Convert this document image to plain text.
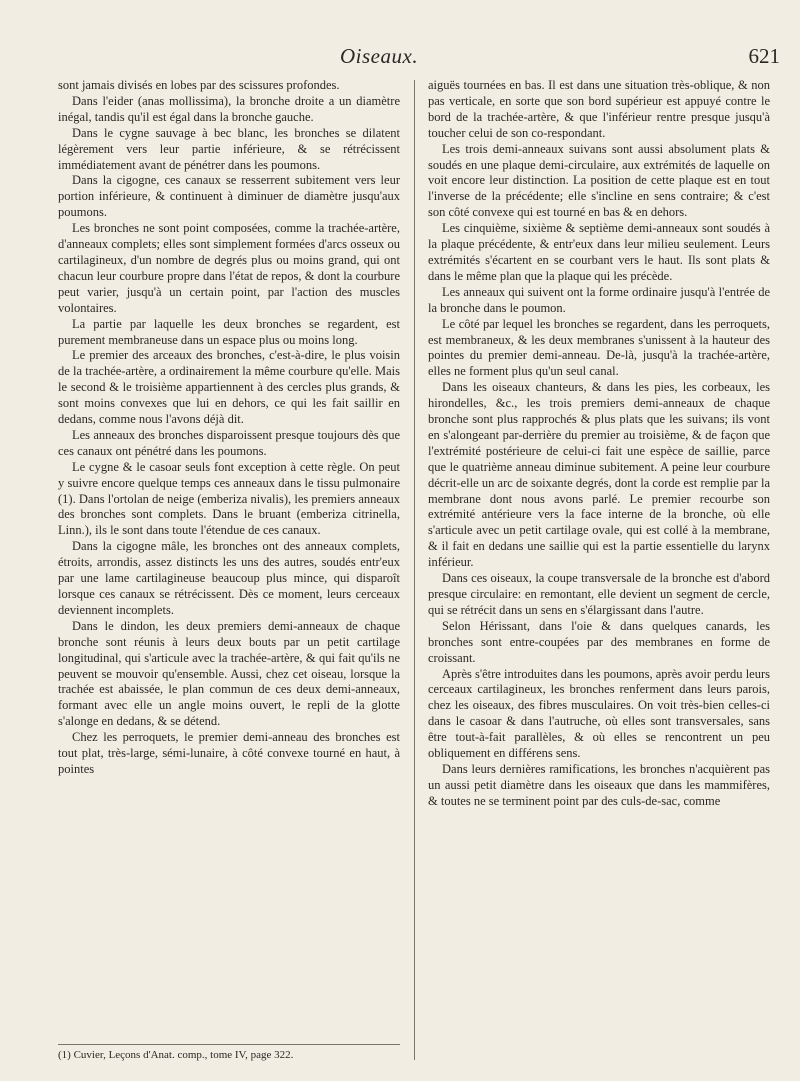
Oiseaux.	621

sont jamais divisés en lobes par des scissures profondes.

Dans l'eider (anas mollissima), la bronche droite a un diamètre inégal, tandis qu'il est égal dans la bronche gauche.

Dans le cygne sauvage à bec blanc, les bronches se dilatent légèrement vers leur partie inférieure, & se rétrécissent immédiatement avant de pénétrer dans les poumons.

Dans la cigogne, ces canaux se resserrent subitement vers leur portion inférieure, & continuent à diminuer de diamètre jusqu'aux poumons.

Les bronches ne sont point composées, comme la trachée-artère, d'anneaux complets; elles sont simplement formées d'arcs osseux ou cartilagineux, d'un nombre de degrés plus ou moins grand, qui ont chacun leur courbure propre dans l'état de repos, & dont la courbure peut varier, jusqu'à un certain point, par l'action des muscles volontaires.

La partie par laquelle les deux bronches se regardent, est purement membraneuse dans un espace plus ou moins long.

Le premier des arceaux des bronches, c'est-à-dire, le plus voisin de la trachée-artère, a ordinairement la même courbure qu'elle. Mais le second & le troisième appartiennent à des cercles plus grands, & sont moins convexes que lui en dehors, ce qui les fait saillir en dedans, comme nous l'avons déjà dit.

Les anneaux des bronches disparoissent presque toujours dès que ces canaux ont pénétré dans les poumons.

Le cygne & le casoar seuls font exception à cette règle. On peut y suivre encore quelque temps ces anneaux dans le tissu pulmonaire (1). Dans l'ortolan de neige (emberiza nivalis), les premiers anneaux des bronches sont complets. Dans le bruant (emberiza citrinella, Linn.), ils le sont dans toute l'étendue de ces canaux.

Dans la cigogne mâle, les bronches ont des anneaux complets, étroits, arrondis, assez distincts les uns des autres, soudés entr'eux par une lame cartilagineuse beaucoup plus mince, qui disparoît lorsque ces canaux se rétrécissent. Dès ce moment, leurs cerceaux deviennent incomplets.

Dans le dindon, les deux premiers demi-anneaux de chaque bronche sont réunis à leurs deux bouts par un petit cartilage longitudinal, qui s'articule avec la trachée-artère, & qui fait qu'ils ne peuvent se mouvoir qu'ensemble. Aussi, chez cet oiseau, lorsque la trachée est abaissée, le plan commun de ces deux demi-anneaux, formant avec elle un angle moins ouvert, le repli de la glotte s'alonge en dedans, & se détend.

Chez les perroquets, le premier demi-anneau des bronches est tout plat, très-large, sémi-lunaire, à côté convexe tourné en haut, à pointes

aiguës tournées en bas. Il est dans une situation très-oblique, & non pas verticale, en sorte que son bord supérieur est appuyé contre le bord de la trachée-artère, & que l'inférieur rentre presque jusqu'à toucher celui de son co-respondant.

Les trois demi-anneaux suivans sont aussi absolument plats & soudés en une plaque demi-circulaire, aux extrémités de laquelle on voit encore leur distinction. La position de cette plaque est en tout l'inverse de la précédente; elle s'incline en sens contraire; & c'est son côté convexe qui est tourné en bas & en dehors.

Les cinquième, sixième & septième demi-anneaux sont soudés à la plaque précédente, & entr'eux dans leur milieu seulement. Leurs extrémités s'écartent en se courbant vers le haut. Ils sont plats & dans le même plan que la plaque qui les précède.

Les anneaux qui suivent ont la forme ordinaire jusqu'à l'entrée de la bronche dans le poumon.

Le côté par lequel les bronches se regardent, dans les perroquets, est membraneux, & les deux membranes s'unissent à la hauteur des pointes du premier demi-anneau. De-là, jusqu'à la trachée-artère, elles ne forment plus qu'un seul canal.

Dans les oiseaux chanteurs, & dans les pies, les corbeaux, les hirondelles, &c., les trois premiers demi-anneaux de chaque bronche sont plus rapprochés & plus plats que les suivans; ils vont en s'alongeant par-derrière du premier au troisième, & de façon que l'extrémité postérieure de celui-ci fait une espèce de saillie, parce que le quatrième anneau diminue subitement. A peine leur courbure décrit-elle un arc de soixante degrés, dont la corde est remplie par la membrane dont nous avons parlé. Le premier recourbe son extrémité antérieure vers la face interne de la bronche, où elle s'articule avec un petit cartilage ovale, qui est collé à la membrane, & il fait en dedans une saillie qui est la partie essentielle du larynx inférieur.

Dans ces oiseaux, la coupe transversale de la bronche est d'abord presque circulaire: en remontant, elle devient un segment de cercle, qui se rétrécit dans un sens en s'élargissant dans l'autre.

Selon Hérissant, dans l'oie & dans quelques canards, les bronches sont entre-coupées par des membranes en forme de croissant.

Après s'être introduites dans les poumons, après avoir perdu leurs cerceaux cartilagineux, les bronches renferment dans leurs parois, chez les oiseaux, des fibres musculaires. On voit très-bien celles-ci dans le casoar & dans l'autruche, où elles sont transversales, sans être tout-à-fait parallèles, & où elles se rencontrent un peu obliquement en différens sens.

Dans leurs dernières ramifications, les bronches n'acquièrent pas un aussi petit diamètre dans les oiseaux que dans les mammifères, & toutes ne se terminent point par des culs-de-sac, comme

(1) Cuvier, Leçons d'Anat. comp., tome IV, page 322.
